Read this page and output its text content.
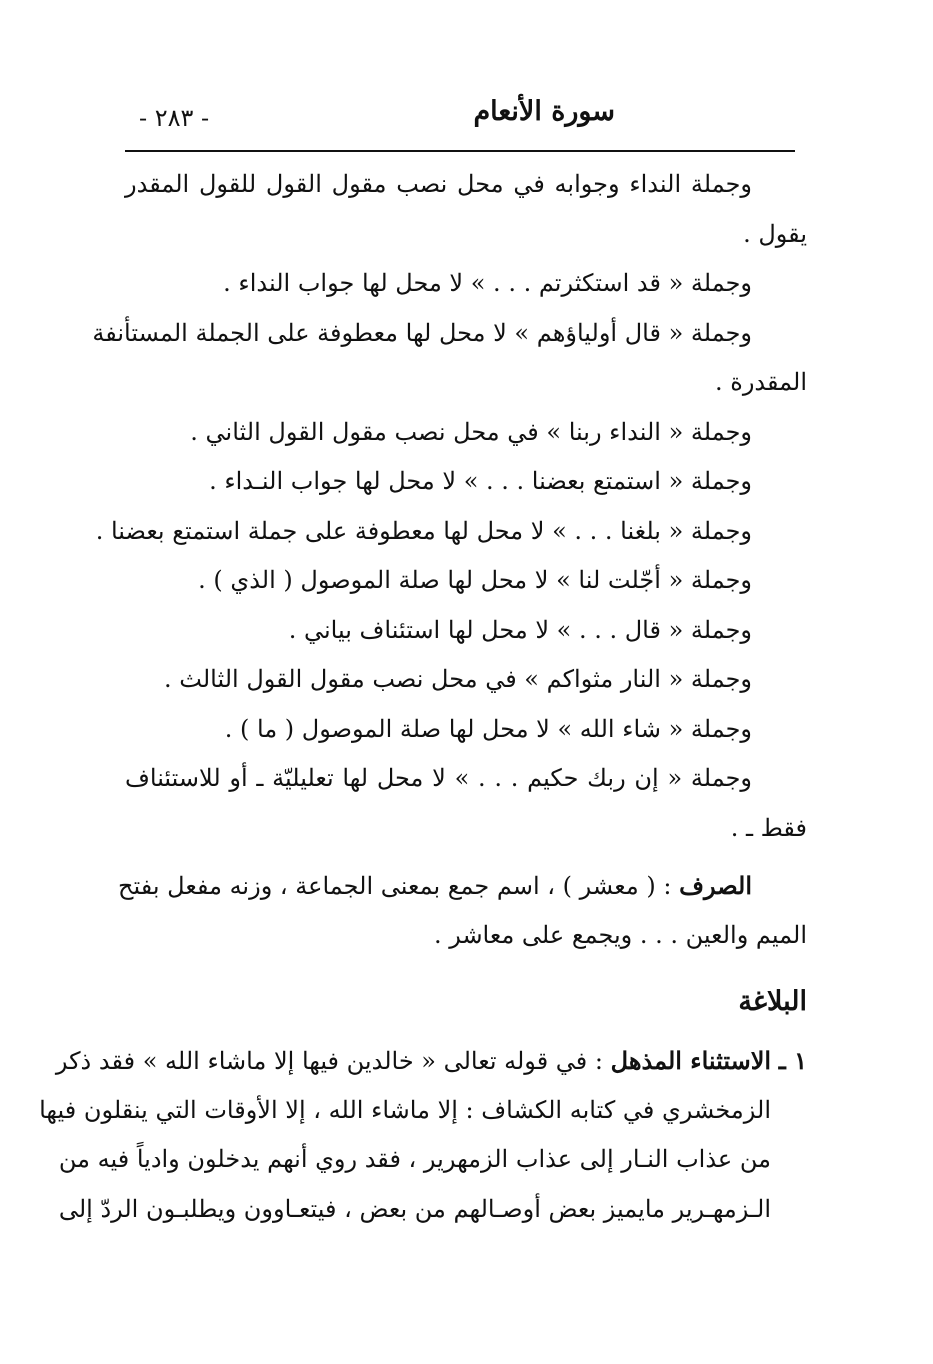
سورة الأنعام
- ٢٨٣ -
وجملة النداء وجوابه في محل نصب مقول القول للقول المقدر
يقول .
وجملة « قد استكثرتم . . . » لا محل لها جواب النداء .
وجملة « قال أولياؤهم » لا محل لها معطوفة على الجملة المستأنفة
المقدرة .
وجملة « النداء ربنا » في محل نصب مقول القول الثاني .
وجملة « استمتع بعضنا . . . » لا محل لها جواب النـداء .
وجملة « بلغنا . . . » لا محل لها معطوفة على جملة استمتع بعضنا .
وجملة « أجّلت لنا » لا محل لها صلة الموصول ( الذي ) .
وجملة « قال . . . » لا محل لها استئناف بياني .
وجملة « النار مثواكم » في محل نصب مقول القول الثالث .
وجملة « شاء الله » لا محل لها صلة الموصول ( ما ) .
وجملة « إن ربك حكيم . . . » لا محل لها تعليليّة ـ أو للاستئناف
فقط ـ .
الصرف : ( معشر ) ، اسم جمع بمعنى الجماعة ، وزنه مفعل بفتح
الميم والعين . . . ويجمع على معاشر .
البلاغة
١ ـ الاستثناء المذهل : في قوله تعالى « خالدين فيها إلا ماشاء الله » فقد ذكر
الزمخشري في كتابه الكشاف : إلا ماشاء الله ، إلا الأوقات التي ينقلون فيها
من عذاب النـار إلى عذاب الزمهرير ، فقد روي أنهم يدخلون وادياً فيه من
الـزمهـرير مايميز بعض أوصـالهم من بعض ، فيتعـاوون ويطلبـون الردّ إلى
